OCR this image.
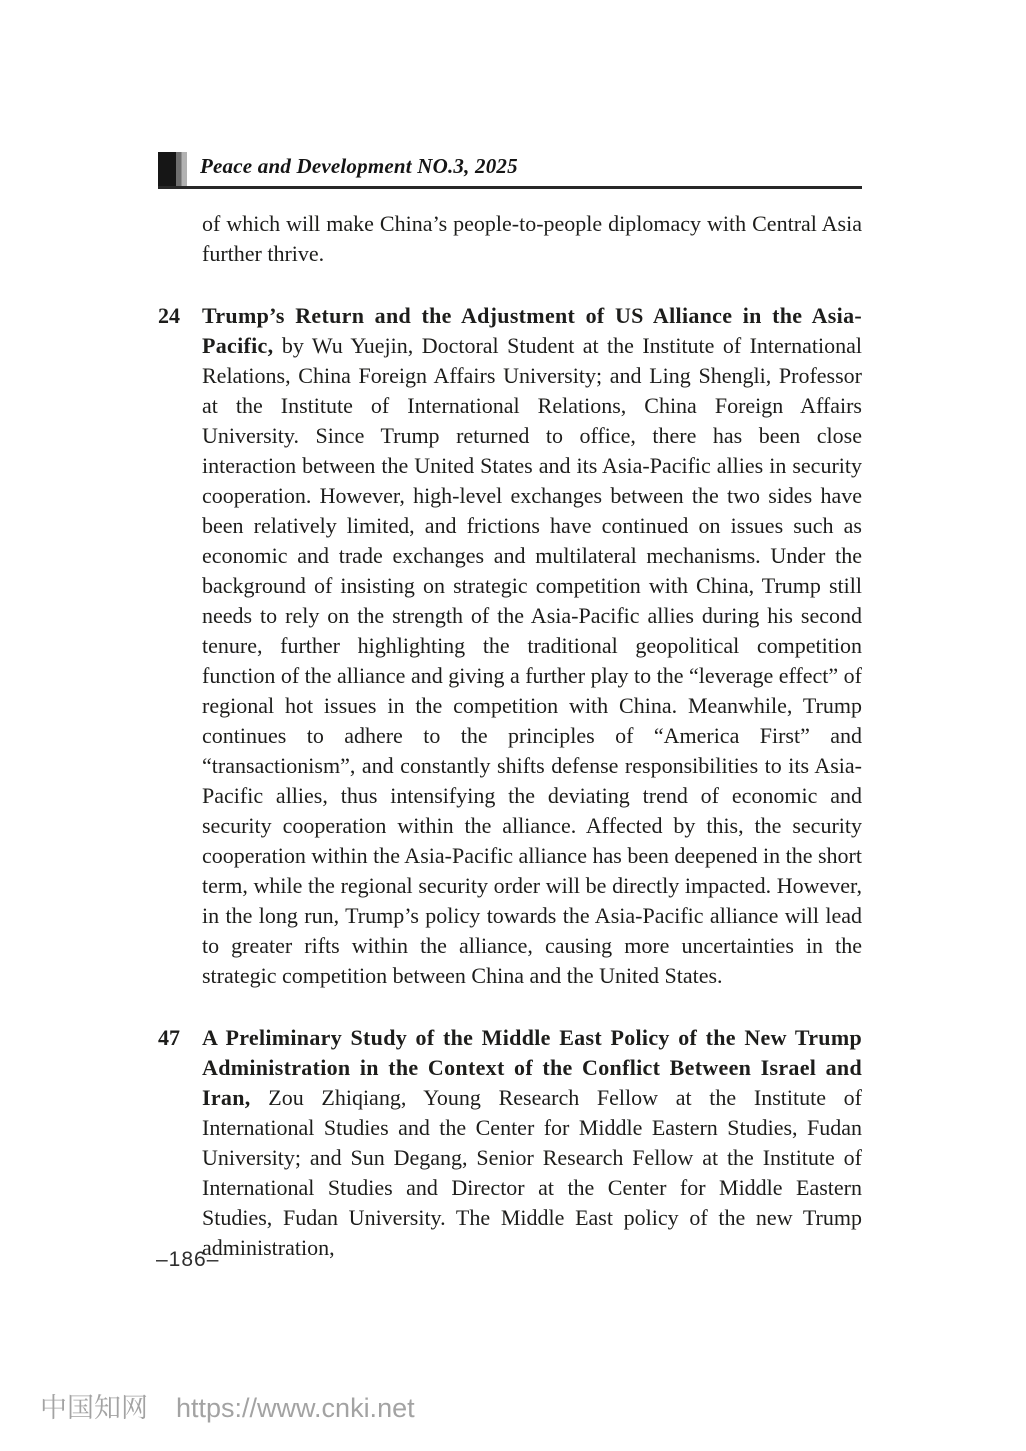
Peace and Development NO.3, 2025

of which will make China’s people-to-people diplomacy with Central Asia further thrive.

24	Trump’s Return and the Adjustment of US Alliance in the Asia-Pacific, by Wu Yuejin, Doctoral Student at the Institute of International Relations, China Foreign Affairs University; and Ling Shengli, Professor at the Institute of International Relations, China Foreign Affairs University. Since Trump returned to office, there has been close interaction between the United States and its Asia-Pacific allies in security cooperation. However, high-level exchanges between the two sides have been relatively limited, and frictions have continued on issues such as economic and trade exchanges and multilateral mechanisms. Under the background of insisting on strategic competition with China, Trump still needs to rely on the strength of the Asia-Pacific allies during his second tenure, further highlighting the traditional geopolitical competition function of the alliance and giving a further play to the “leverage effect” of regional hot issues in the competition with China. Meanwhile, Trump continues to adhere to the principles of “America First” and “transactionism”, and constantly shifts defense responsibilities to its Asia-Pacific allies, thus intensifying the deviating trend of economic and security cooperation within the alliance. Affected by this, the security cooperation within the Asia-Pacific alliance has been deepened in the short term, while the regional security order will be directly impacted. However, in the long run, Trump’s policy towards the Asia-Pacific alliance will lead to greater rifts within the alliance, causing more uncertainties in the strategic competition between China and the United States.

47	A Preliminary Study of the Middle East Policy of the New Trump Administration in the Context of the Conflict Between Israel and Iran, Zou Zhiqiang, Young Research Fellow at the Institute of International Studies and the Center for Middle Eastern Studies, Fudan University; and Sun Degang, Senior Research Fellow at the Institute of International Studies and Director at the Center for Middle Eastern Studies, Fudan University. The Middle East policy of the new Trump administration,

–186–
中国知网 https://www.cnki.net
